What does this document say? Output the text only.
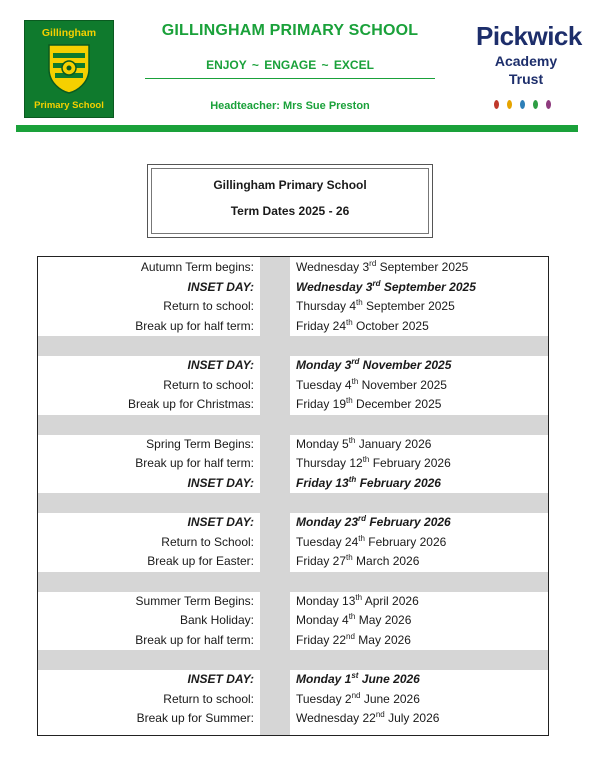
Gillingham
Primary School
GILLINGHAM PRIMARY SCHOOL
ENJOY ~ ENGAGE ~ EXCEL
Headteacher: Mrs Sue Preston
Pickwick
Academy Trust
Gillingham Primary School
Term Dates 2025 - 26
Autumn Term begins:	Wednesday 3rd September 2025
INSET DAY:	Wednesday 3rd September 2025
Return to school:	Thursday 4th September 2025
Break up for half term:	Friday 24th October 2025
INSET DAY:	Monday 3rd November 2025
Return to school:	Tuesday 4th November 2025
Break up for Christmas:	Friday 19th December 2025
Spring Term Begins:	Monday 5th January 2026
Break up for half term:	Thursday 12th February 2026
INSET DAY:	Friday 13th February 2026
INSET DAY:	Monday 23rd February 2026
Return to School:	Tuesday 24th February 2026
Break up for Easter:	Friday 27th March 2026
Summer Term Begins:	Monday 13th April 2026
Bank Holiday:	Monday 4th May 2026
Break up for half term:	Friday 22nd May 2026
INSET DAY:	Monday 1st June 2026
Return to school:	Tuesday 2nd June 2026
Break up for Summer:	Wednesday 22nd July 2026
